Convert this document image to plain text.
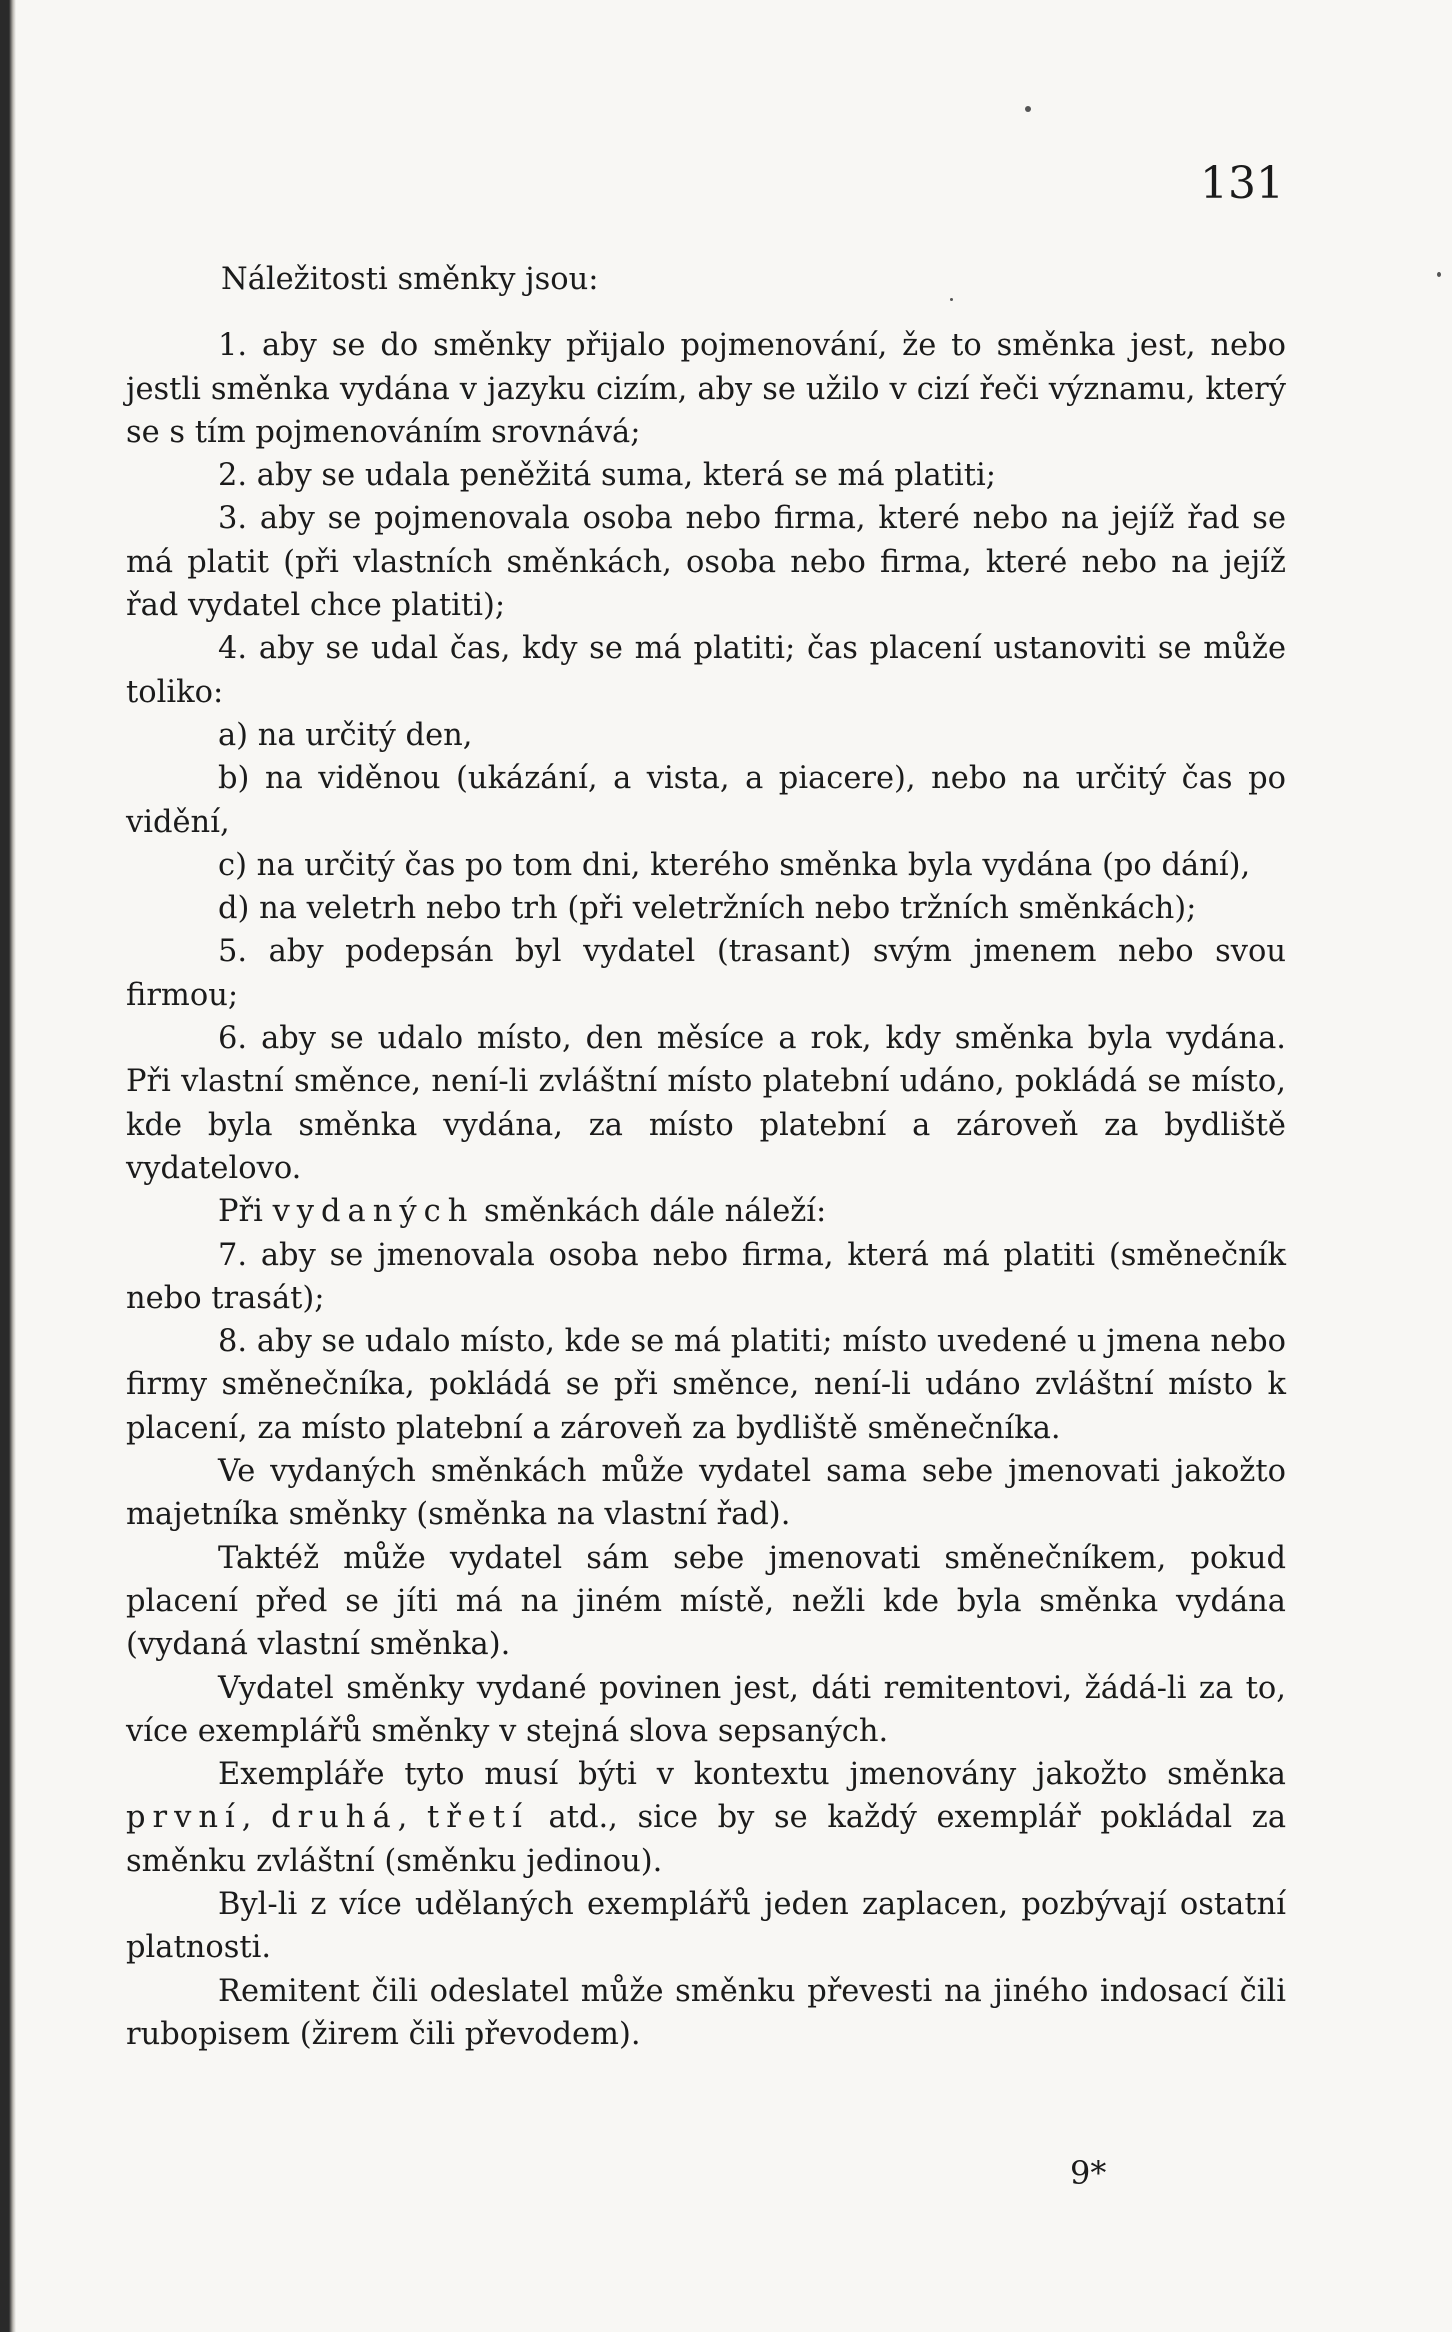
131

Náležitosti směnky jsou:

1. aby se do směnky přijalo pojmenování, že to směnka jest, nebo jestli směnka vydána v jazyku cizím, aby se užilo v cizí řeči významu, který se s tím pojmenováním srovnává;

2. aby se udala peněžitá suma, která se má platiti;

3. aby se pojmenovala osoba nebo firma, které nebo na jejíž řad se má platit (při vlastních směnkách, osoba nebo firma, které nebo na jejíž řad vydatel chce platiti);

4. aby se udal čas, kdy se má platiti; čas placení ustanoviti se může toliko:

a) na určitý den,

b) na viděnou (ukázání, a vista, a piacere), nebo na určitý čas po vidění,

c) na určitý čas po tom dni, kterého směnka byla vydána (po dání),

d) na veletrh nebo trh (při veletržních nebo tržních směnkách);

5. aby podepsán byl vydatel (trasant) svým jmenem nebo svou firmou;

6. aby se udalo místo, den měsíce a rok, kdy směnka byla vydána. Při vlastní směnce, není-li zvláštní místo platební udáno, pokládá se místo, kde byla směnka vydána, za místo platební a zároveň za bydliště vydatelovo.

Při vydaných směnkách dále náleží:

7. aby se jmenovala osoba nebo firma, která má platiti (směnečník nebo trasát);

8. aby se udalo místo, kde se má platiti; místo uvedené u jmena nebo firmy směnečníka, pokládá se při směnce, není-li udáno zvláštní místo k placení, za místo platební a zároveň za bydliště směnečníka.

Ve vydaných směnkách může vydatel sama sebe jmenovati jakožto majetníka směnky (směnka na vlastní řad).

Taktéž může vydatel sám sebe jmenovati směnečníkem, pokud placení před se jíti má na jiném místě, nežli kde byla směnka vydána (vydaná vlastní směnka).

Vydatel směnky vydané povinen jest, dáti remitentovi, žádá-li za to, více exemplářů směnky v stejná slova sepsaných.

Exempláře tyto musí býti v kontextu jmenovány jakožto směnka první, druhá, třetí atd., sice by se každý exemplář pokládal za směnku zvláštní (směnku jedinou).

Byl-li z více udělaných exemplářů jeden zaplacen, pozbývají ostatní platnosti.

Remitent čili odeslatel může směnku převesti na jiného indosací čili rubopisem (žirem čili převodem).

9*
